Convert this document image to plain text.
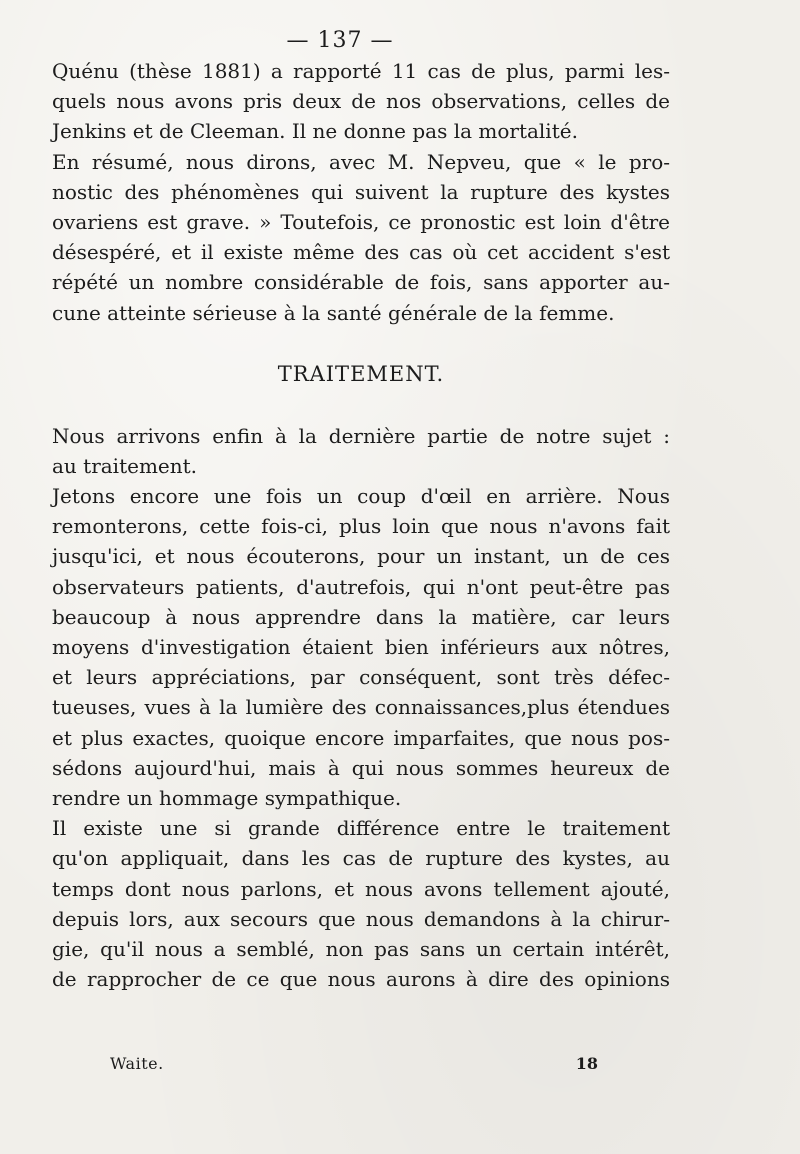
— 137 —
Quénu (thèse 1881) a rapporté 11 cas de plus, parmi les-
quels nous avons pris deux de nos observations, celles de
Jenkins et de Cleeman. Il ne donne pas la mortalité.
En résumé, nous dirons, avec M. Nepveu, que « le pro-
nostic des phénomènes qui suivent la rupture des kystes
ovariens est grave. » Toutefois, ce pronostic est loin d'être
désespéré, et il existe même des cas où cet accident s'est
répété un nombre considérable de fois, sans apporter au-
cune atteinte sérieuse à la santé générale de la femme.
TRAITEMENT.
Nous arrivons enfin à la dernière partie de notre sujet :
au traitement.
Jetons encore une fois un coup d'œil en arrière. Nous
remonterons, cette fois-ci, plus loin que nous n'avons fait
jusqu'ici, et nous écouterons, pour un instant, un de ces
observateurs patients, d'autrefois, qui n'ont peut-être pas
beaucoup à nous apprendre dans la matière, car leurs
moyens d'investigation étaient bien inférieurs aux nôtres,
et leurs appréciations, par conséquent, sont très défec-
tueuses, vues à la lumière des connaissances,plus étendues
et plus exactes, quoique encore imparfaites, que nous pos-
sédons aujourd'hui, mais à qui nous sommes heureux de
rendre un hommage sympathique.
Il existe une si grande différence entre le traitement
qu'on appliquait, dans les cas de rupture des kystes, au
temps dont nous parlons, et nous avons tellement ajouté,
depuis lors, aux secours que nous demandons à la chirur-
gie, qu'il nous a semblé, non pas sans un certain intérêt,
de rapprocher de ce que nous aurons à dire des opinions
Waite.	18
